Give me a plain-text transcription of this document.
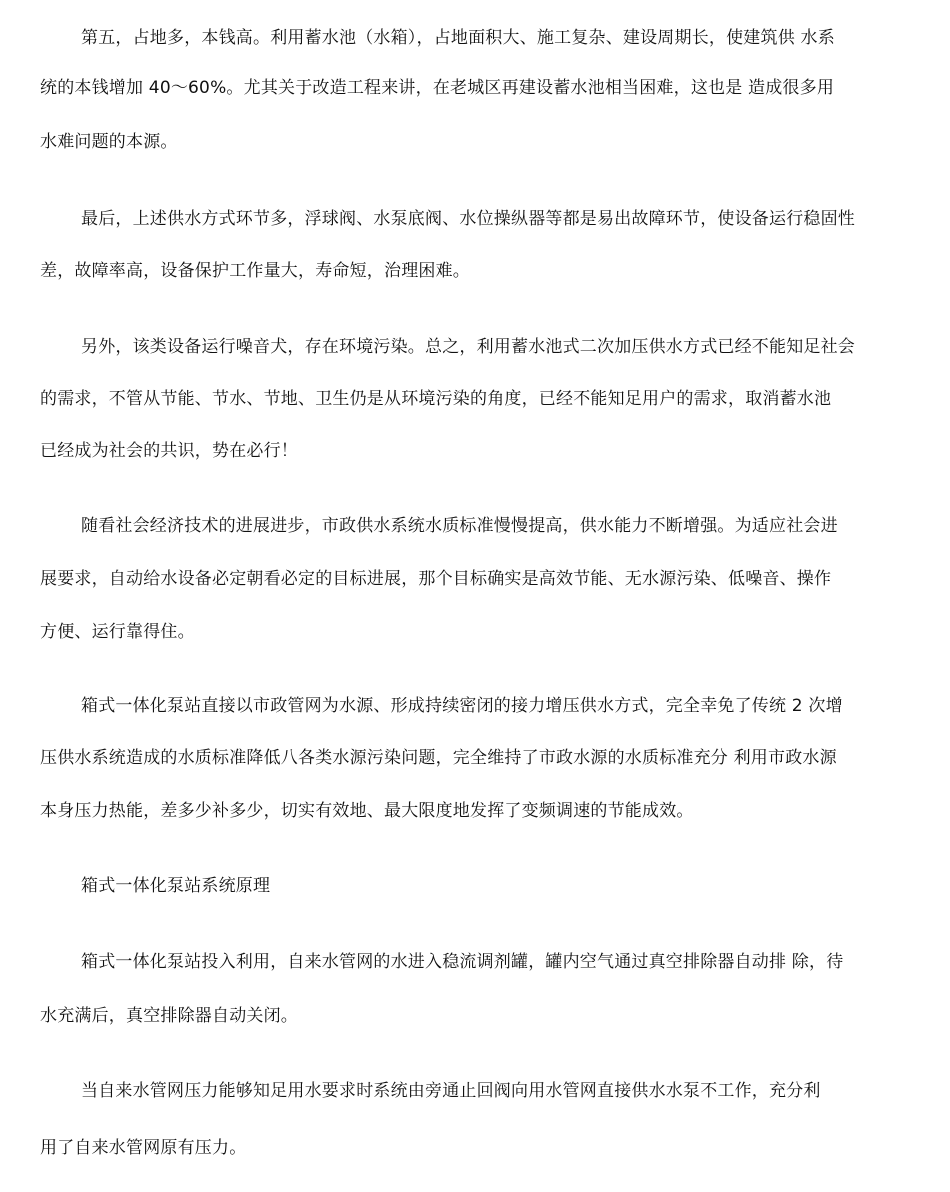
第五，占地多，本钱高。利用蓄水池（水箱），占地面积大、施工复杂、建设周期长，使建筑供 水系
统的本钱增加 40～60%。尤其关于改造工程来讲，在老城区再建设蓄水池相当困难，这也是 造成很多用
水难问题的本源。
最后，上述供水方式环节多，浮球阀、水泵底阀、水位操纵器等都是易出故障环节，使设备运行稳固性
差，故障率高，设备保护工作量大，寿命短，治理困难。
另外，该类设备运行噪音犬，存在环境污染。总之，利用蓄水池式二次加压供水方式已经不能知足社会
的需求，不管从节能、节水、节地、卫生仍是从环境污染的角度，已经不能知足用户的需求，取消蓄水池
已经成为社会的共识，势在必行！
随看社会经济技术的进展进步，市政供水系统水质标准慢慢提高，供水能力不断增强。为适应社会进
展要求，自动给水设备必定朝看必定的目标进展，那个目标确实是高效节能、无水源污染、低噪音、操作
方便、运行靠得住。
箱式一体化泵站直接以市政管网为水源、形成持续密闭的接力增压供水方式，完全幸免了传统 2 次增
压供水系统造成的水质标准降低八各类水源污染问题，完全维持了市政水源的水质标准充分 利用市政水源
本身压力热能，差多少补多少，切实有效地、最大限度地发挥了变频调速的节能成效。
箱式一体化泵站系统原理
箱式一体化泵站投入利用，自来水管网的水进入稳流调剂罐，罐内空气通过真空排除器自动排 除，待
水充满后，真空排除器自动关闭。
当自来水管网压力能够知足用水要求时系统由旁通止回阀向用水管网直接供水水泵不工作，充分利
用了自来水管网原有压力。
